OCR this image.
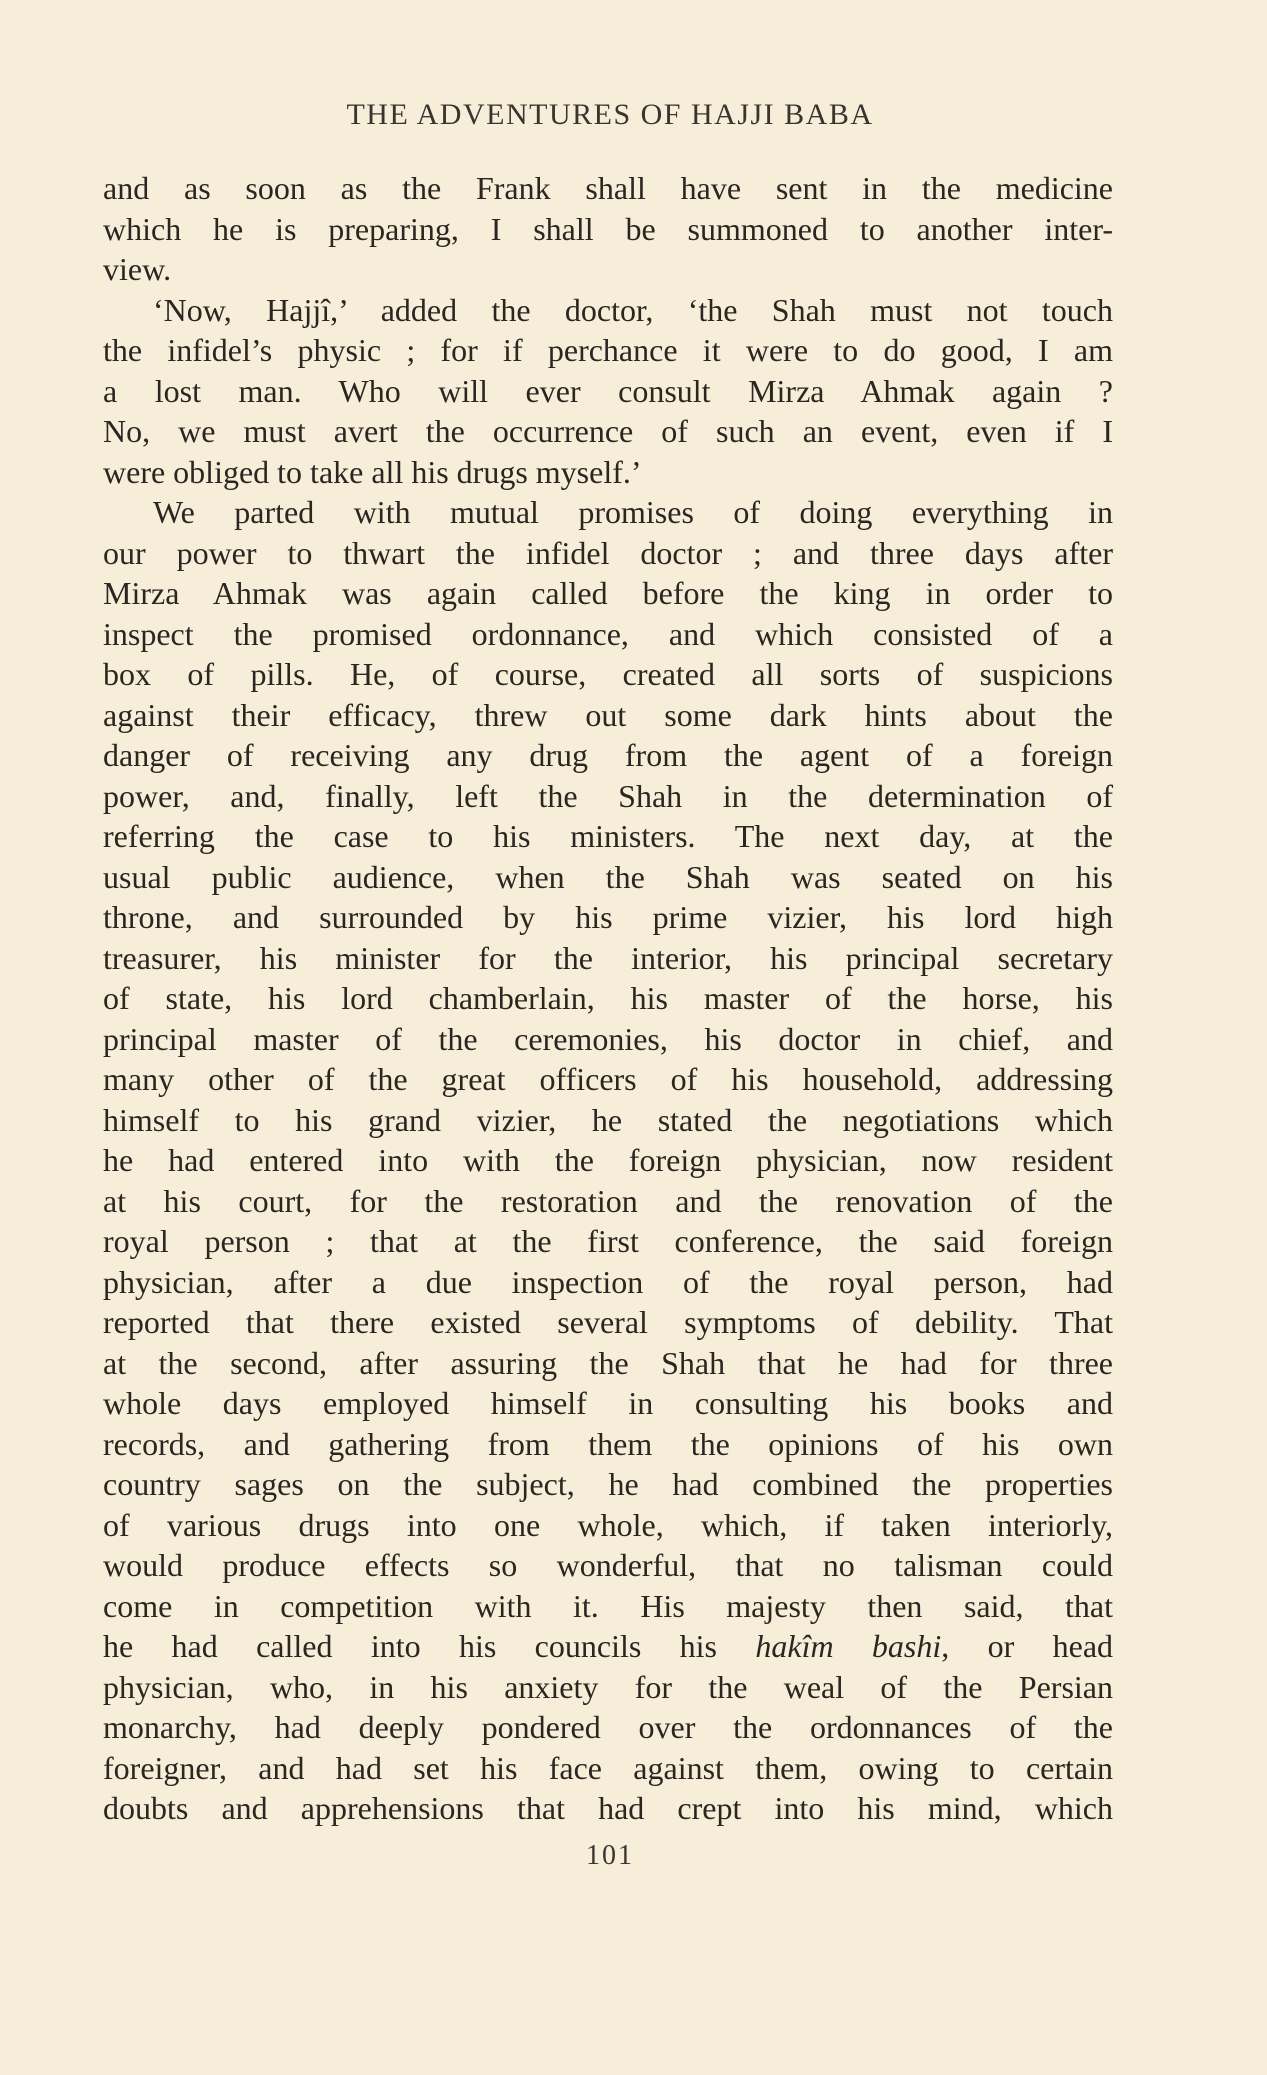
THE ADVENTURES OF HAJJI BABA
and as soon as the Frank shall have sent in the medicine
which he is preparing, I shall be summoned to another inter-
view.
‘Now, Hajjî,’ added the doctor, ‘the Shah must not touch
the infidel’s physic ; for if perchance it were to do good, I am
a lost man. Who will ever consult Mirza Ahmak again ?
No, we must avert the occurrence of such an event, even if I
were obliged to take all his drugs myself.’
We parted with mutual promises of doing everything in
our power to thwart the infidel doctor ; and three days after
Mirza Ahmak was again called before the king in order to
inspect the promised ordonnance, and which consisted of a
box of pills. He, of course, created all sorts of suspicions
against their efficacy, threw out some dark hints about the
danger of receiving any drug from the agent of a foreign
power, and, finally, left the Shah in the determination of
referring the case to his ministers. The next day, at the
usual public audience, when the Shah was seated on his
throne, and surrounded by his prime vizier, his lord high
treasurer, his minister for the interior, his principal secretary
of state, his lord chamberlain, his master of the horse, his
principal master of the ceremonies, his doctor in chief, and
many other of the great officers of his household, addressing
himself to his grand vizier, he stated the negotiations which
he had entered into with the foreign physician, now resident
at his court, for the restoration and the renovation of the
royal person ; that at the first conference, the said foreign
physician, after a due inspection of the royal person, had
reported that there existed several symptoms of debility. That
at the second, after assuring the Shah that he had for three
whole days employed himself in consulting his books and
records, and gathering from them the opinions of his own
country sages on the subject, he had combined the properties
of various drugs into one whole, which, if taken interiorly,
would produce effects so wonderful, that no talisman could
come in competition with it. His majesty then said, that
he had called into his councils his hakîm bashi, or head
physician, who, in his anxiety for the weal of the Persian
monarchy, had deeply pondered over the ordonnances of the
foreigner, and had set his face against them, owing to certain
doubts and apprehensions that had crept into his mind, which
101
